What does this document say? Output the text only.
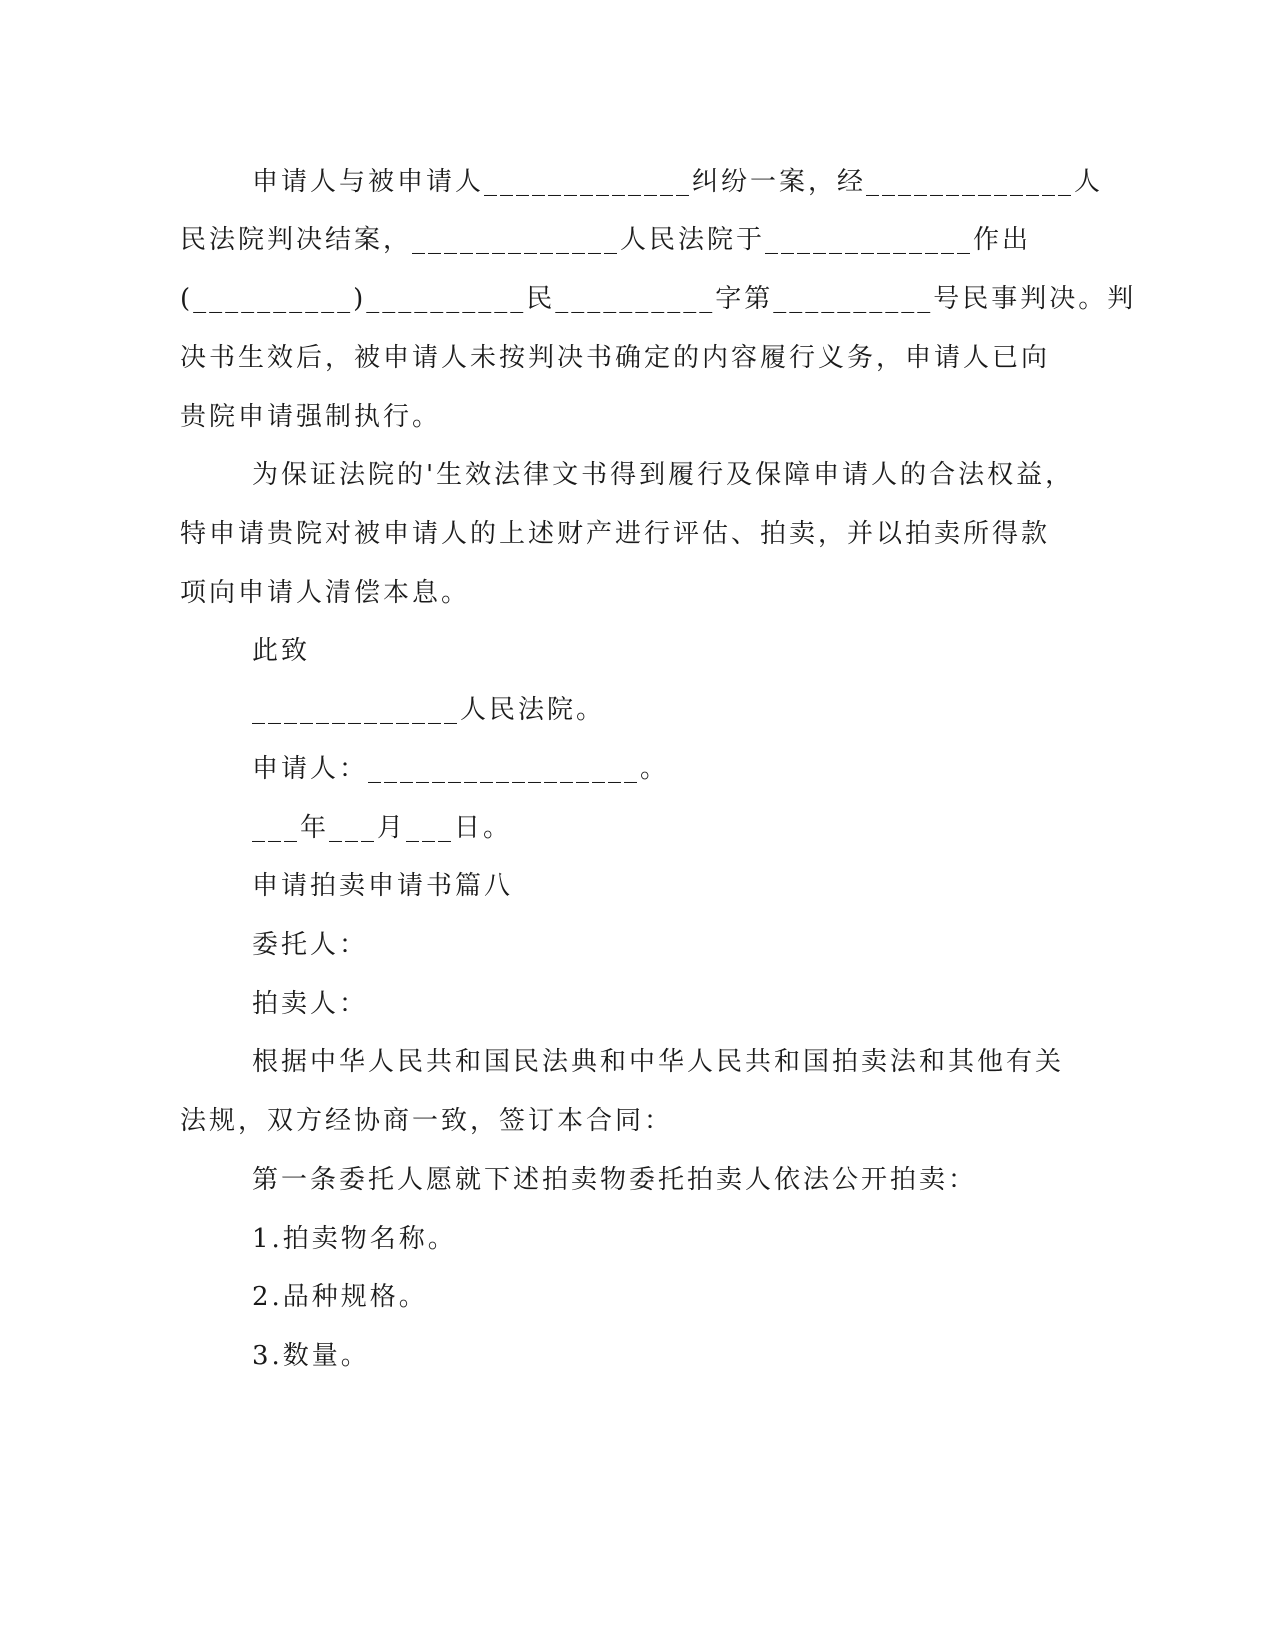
申请人与被申请人_____________纠纷一案，经_____________人
民法院判决结案，_____________人民法院于_____________作出
(__________)__________民__________字第__________号民事判决。判
决书生效后，被申请人未按判决书确定的内容履行义务，申请人已向
贵院申请强制执行。
为保证法院的'生效法律文书得到履行及保障申请人的合法权益，
特申请贵院对被申请人的上述财产进行评估、拍卖，并以拍卖所得款
项向申请人清偿本息。
此致
_____________人民法院。
申请人：_________________。
___年___月___日。
申请拍卖申请书篇八
委托人：
拍卖人：
根据中华人民共和国民法典和中华人民共和国拍卖法和其他有关
法规，双方经协商一致，签订本合同：
第一条委托人愿就下述拍卖物委托拍卖人依法公开拍卖：
1.拍卖物名称。
2.品种规格。
3.数量。
